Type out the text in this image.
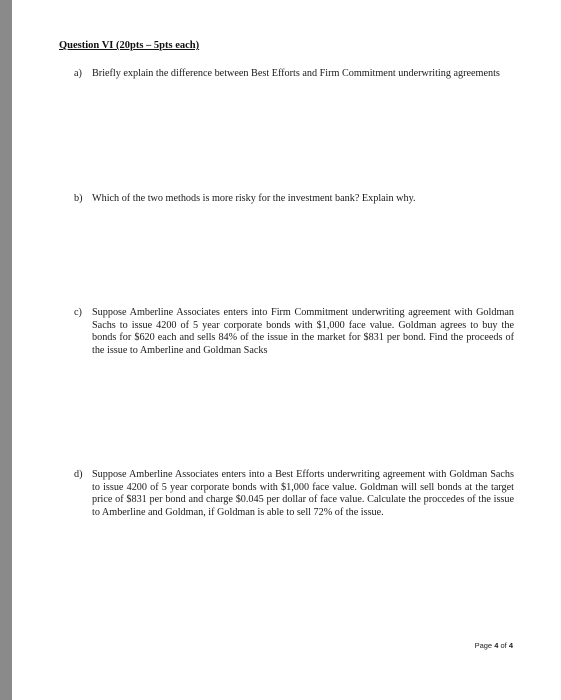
Question VI (20pts – 5pts each)
a) Briefly explain the difference between Best Efforts and Firm Commitment underwriting agreements
b) Which of the two methods is more risky for the investment bank? Explain why.
c) Suppose Amberline Associates enters into Firm Commitment underwriting agreement with Goldman Sachs to issue 4200 of 5 year corporate bonds with $1,000 face value. Goldman agrees to buy the bonds for $620 each and sells 84% of the issue in the market for $831 per bond. Find the proceeds of the issue to Amberline and Goldman Sacks
d) Suppose Amberline Associates enters into a Best Efforts underwriting agreement with Goldman Sachs to issue 4200 of 5 year corporate bonds with $1,000 face value. Goldman will sell bonds at the target price of $831 per bond and charge $0.045 per dollar of face value. Calculate the proccedes of the issue to Amberline and Goldman, if Goldman is able to sell 72% of the issue.
Page 4 of 4
